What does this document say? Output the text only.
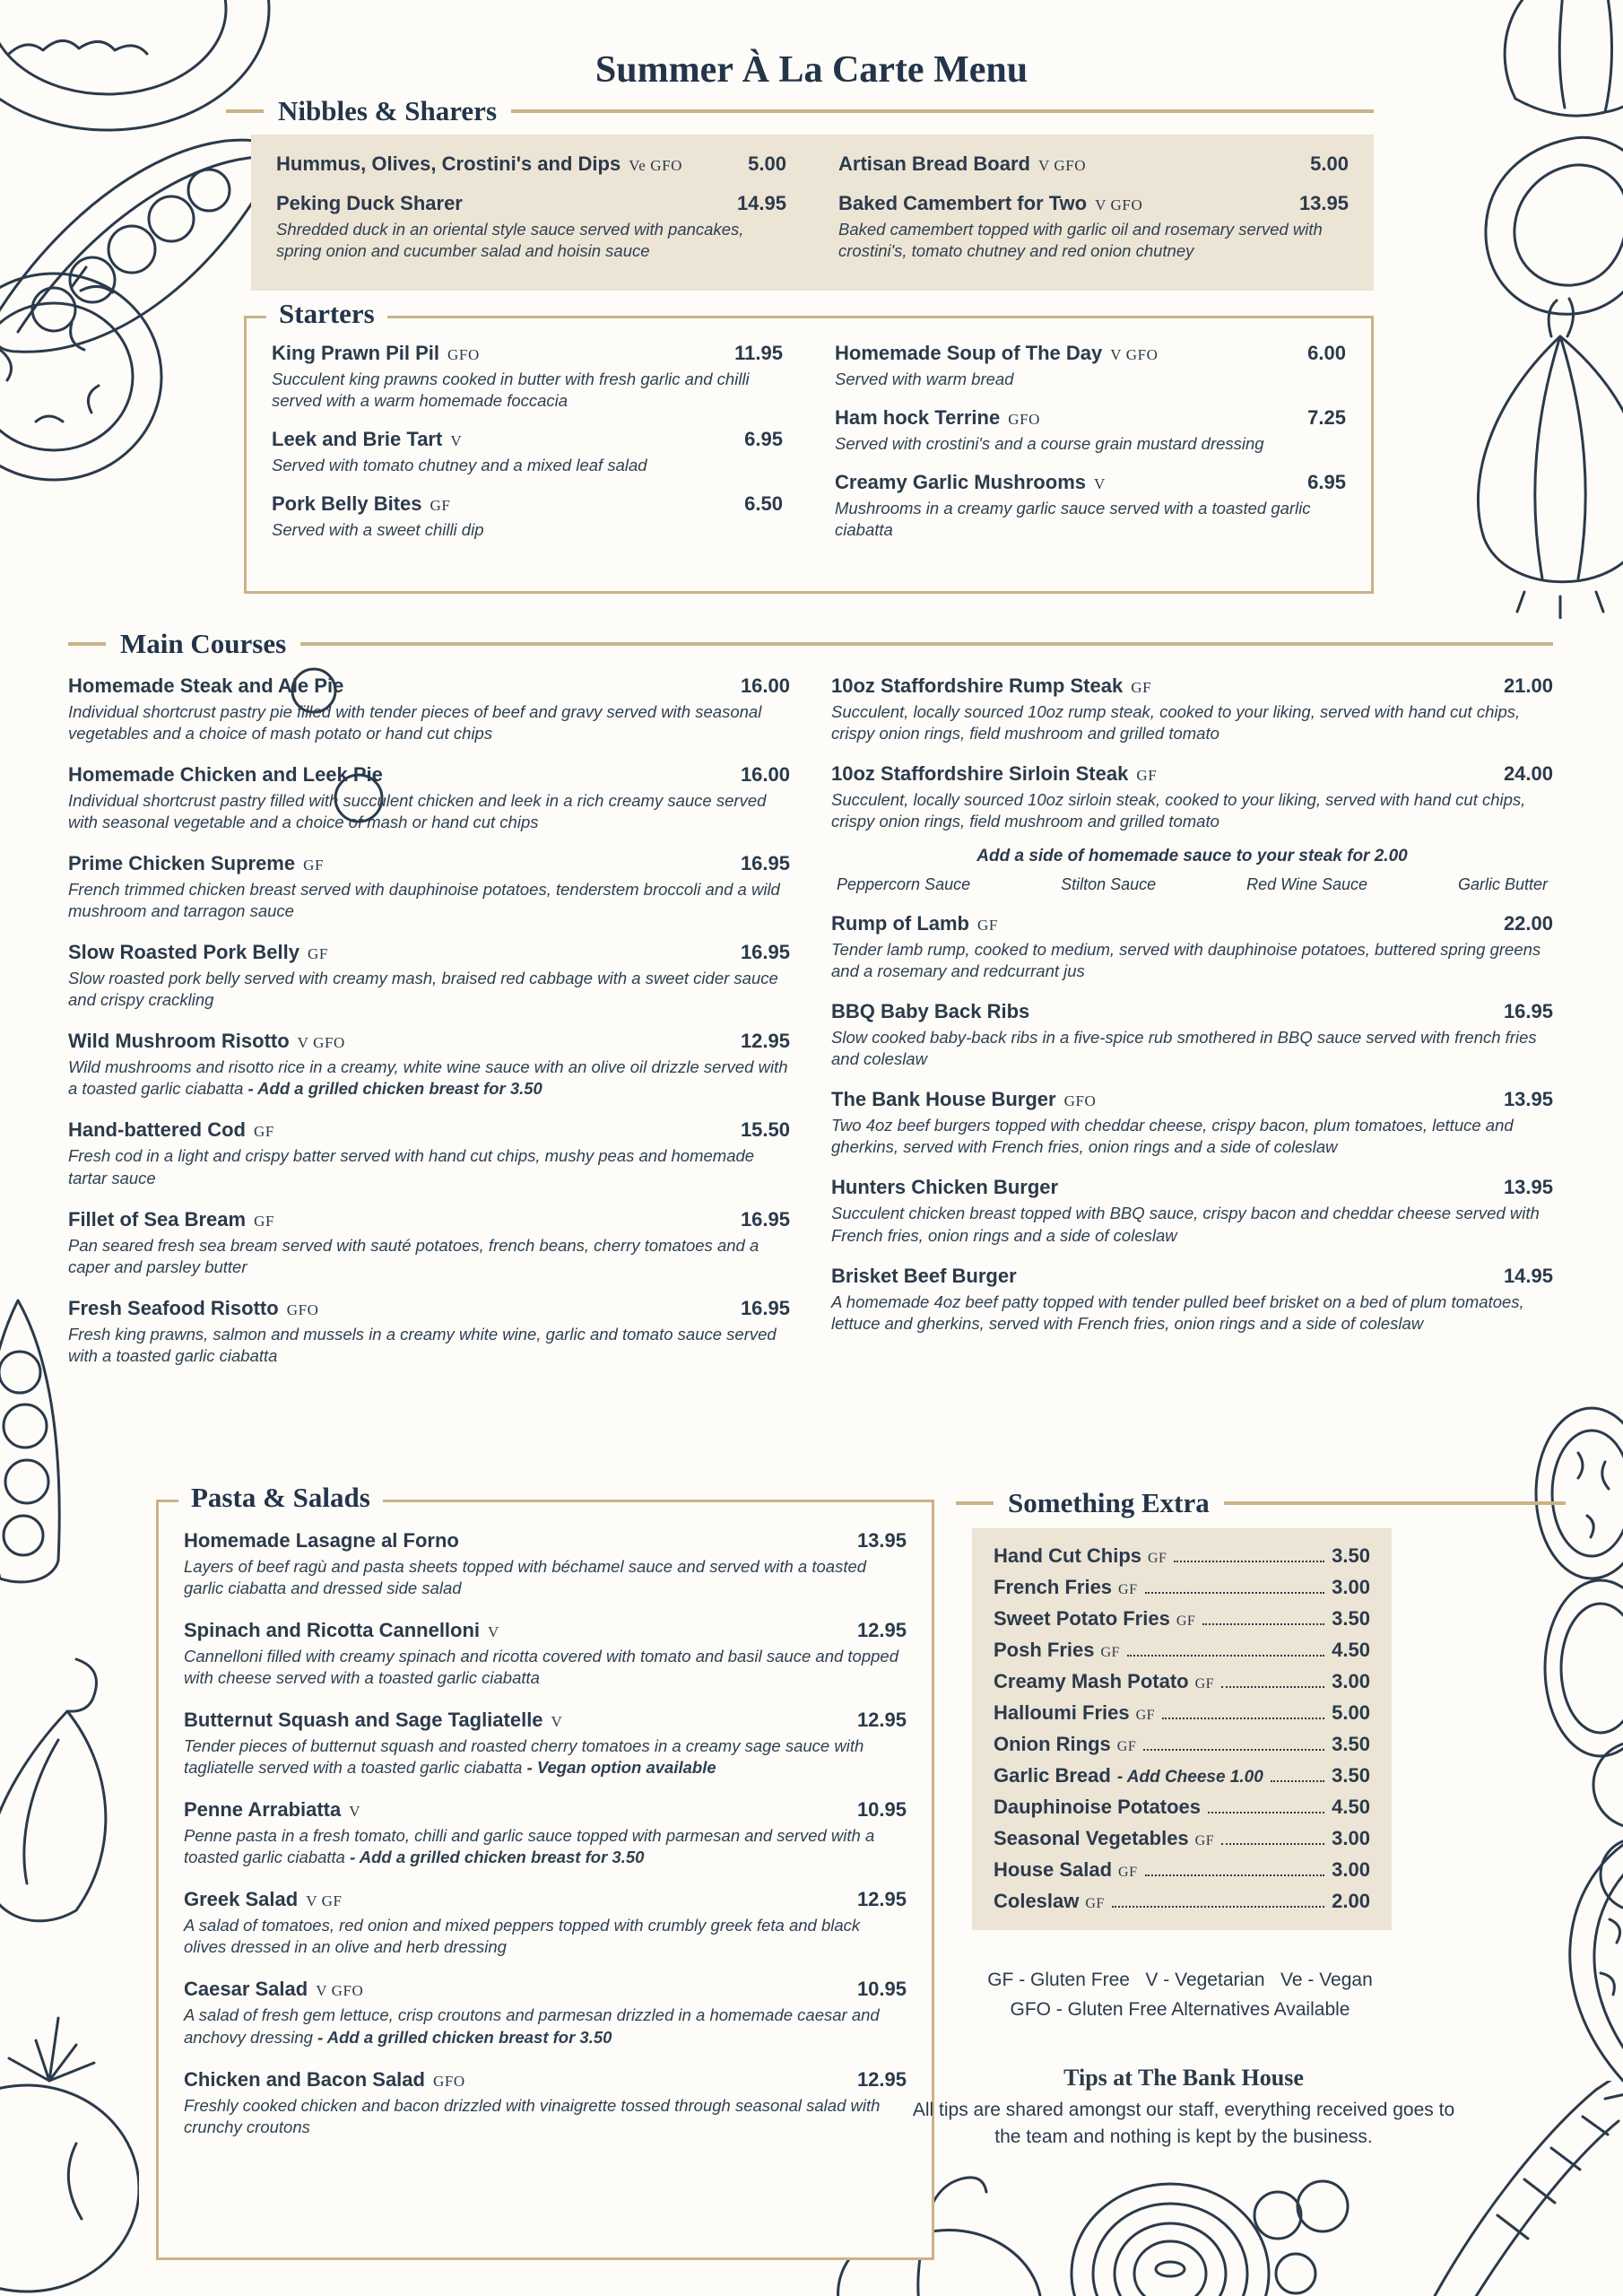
Summer À La Carte Menu
Nibbles & Sharers
Hummus, Olives, Crostini's and Dips Ve GFO	5.00
Peking Duck Sharer	14.95
Shredded duck in an oriental style sauce served with pancakes, spring onion and cucumber salad and hoisin sauce
Artisan Bread Board V GFO	5.00
Baked Camembert for Two V GFO	13.95
Baked camembert topped with garlic oil and rosemary served with crostini's, tomato chutney and red onion chutney
Starters
King Prawn Pil Pil GFO	11.95
Succulent king prawns cooked in butter with fresh garlic and chilli served with a warm homemade foccacia
Leek and Brie Tart V	6.95
Served with tomato chutney and a mixed leaf salad
Pork Belly Bites GF	6.50
Served with a sweet chilli dip
Homemade Soup of The Day V GFO	6.00
Served with warm bread
Ham hock Terrine GFO	7.25
Served with crostini's and a course grain mustard dressing
Creamy Garlic Mushrooms V	6.95
Mushrooms in a creamy garlic sauce served with a toasted garlic ciabatta
Main Courses
Homemade Steak and Ale Pie	16.00
Individual shortcrust pastry pie filled with tender pieces of beef and gravy served with seasonal vegetables and a choice of mash potato or hand cut chips
Homemade Chicken and Leek Pie	16.00
Individual shortcrust pastry filled with succulent chicken and leek in a rich creamy sauce served with seasonal vegetable and a choice of mash or hand cut chips
Prime Chicken Supreme GF	16.95
French trimmed chicken breast served with dauphinoise potatoes, tenderstem broccoli and a wild mushroom and tarragon sauce
Slow Roasted Pork Belly GF	16.95
Slow roasted pork belly served with creamy mash, braised red cabbage with a sweet cider sauce and crispy crackling
Wild Mushroom Risotto V GFO	12.95
Wild mushrooms and risotto rice in a creamy, white wine sauce with an olive oil drizzle served with a toasted garlic ciabatta - Add a grilled chicken breast for 3.50
Hand-battered Cod GF	15.50
Fresh cod in a light and crispy batter served with hand cut chips, mushy peas and homemade tartar sauce
Fillet of Sea Bream GF	16.95
Pan seared fresh sea bream served with sauté potatoes, french beans, cherry tomatoes and a caper and parsley butter
Fresh Seafood Risotto GFO	16.95
Fresh king prawns, salmon and mussels in a creamy white wine, garlic and tomato sauce served with a toasted garlic ciabatta
10oz Staffordshire Rump Steak GF	21.00
Succulent, locally sourced 10oz rump steak, cooked to your liking, served with hand cut chips, crispy onion rings, field mushroom and grilled tomato
10oz Staffordshire Sirloin Steak GF	24.00
Succulent, locally sourced 10oz sirloin steak, cooked to your liking, served with hand cut chips, crispy onion rings, field mushroom and grilled tomato
Add a side of homemade sauce to your steak for 2.00
Peppercorn Sauce	Stilton Sauce	Red Wine Sauce	Garlic Butter
Rump of Lamb GF	22.00
Tender lamb rump, cooked to medium, served with dauphinoise potatoes, buttered spring greens and a rosemary and redcurrant jus
BBQ Baby Back Ribs	16.95
Slow cooked baby-back ribs in a five-spice rub smothered in BBQ sauce served with french fries and coleslaw
The Bank House Burger GFO	13.95
Two 4oz beef burgers topped with cheddar cheese, crispy bacon, plum tomatoes, lettuce and gherkins, served with French fries, onion rings and a side of coleslaw
Hunters Chicken Burger	13.95
Succulent chicken breast topped with BBQ sauce, crispy bacon and cheddar cheese served with French fries, onion rings and a side of coleslaw
Brisket Beef Burger	14.95
A homemade 4oz beef patty topped with tender pulled beef brisket on a bed of plum tomatoes, lettuce and gherkins, served with French fries, onion rings and a side of coleslaw
Pasta & Salads
Homemade Lasagne al Forno	13.95
Layers of beef ragù and pasta sheets topped with béchamel sauce and served with a toasted garlic ciabatta and dressed side salad
Spinach and Ricotta Cannelloni V	12.95
Cannelloni filled with creamy spinach and ricotta covered with tomato and basil sauce and topped with cheese served with a toasted garlic ciabatta
Butternut Squash and Sage Tagliatelle V	12.95
Tender pieces of butternut squash and roasted cherry tomatoes in a creamy sage sauce with tagliatelle served with a toasted garlic ciabatta - Vegan option available
Penne Arrabiatta V	10.95
Penne pasta in a fresh tomato, chilli and garlic sauce topped with parmesan and served with a toasted garlic ciabatta - Add a grilled chicken breast for 3.50
Greek Salad V GF	12.95
A salad of tomatoes, red onion and mixed peppers topped with crumbly greek feta and black olives dressed in an olive and herb dressing
Caesar Salad V GFO	10.95
A salad of fresh gem lettuce, crisp croutons and parmesan drizzled in a homemade caesar and anchovy dressing - Add a grilled chicken breast for 3.50
Chicken and Bacon Salad GFO	12.95
Freshly cooked chicken and bacon drizzled with vinaigrette tossed through seasonal salad with crunchy croutons
Something Extra
Hand Cut Chips GF	3.50
French Fries GF	3.00
Sweet Potato Fries GF	3.50
Posh Fries GF	4.50
Creamy Mash Potato GF	3.00
Halloumi Fries GF	5.00
Onion Rings GF	3.50
Garlic Bread - Add Cheese 1.00	3.50
Dauphinoise Potatoes	4.50
Seasonal Vegetables GF	3.00
House Salad GF	3.00
Coleslaw GF	2.00
GF - Gluten Free   V - Vegetarian   Ve - Vegan
GFO - Gluten Free Alternatives Available
Tips at The Bank House
All tips are shared amongst our staff, everything received goes to the team and nothing is kept by the business.
